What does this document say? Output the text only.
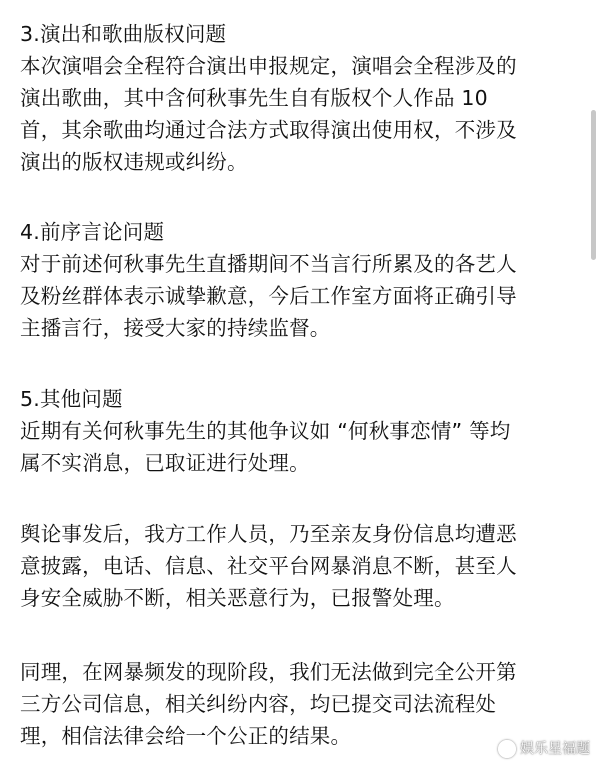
3.演出和歌曲版权问题
本次演唱会全程符合演出申报规定，演唱会全程涉及的
演出歌曲，其中含何秋事先生自有版权个人作品 10
首，其余歌曲均通过合法方式取得演出使用权，不涉及
演出的版权违规或纠纷。
4.前序言论问题
对于前述何秋事先生直播期间不当言行所累及的各艺人
及粉丝群体表示诚挚歉意，今后工作室方面将正确引导
主播言行，接受大家的持续监督。
5.其他问题
近期有关何秋事先生的其他争议如 “何秋事恋情” 等均
属不实消息，已取证进行处理。
舆论事发后，我方工作人员，乃至亲友身份信息均遭恶
意披露，电话、信息、社交平台网暴消息不断，甚至人
身安全威胁不断，相关恶意行为，已报警处理。
同理，在网暴频发的现阶段，我们无法做到完全公开第
三方公司信息，相关纠纷内容，均已提交司法流程处
理，相信法律会给一个公正的结果。
娱乐星福题
